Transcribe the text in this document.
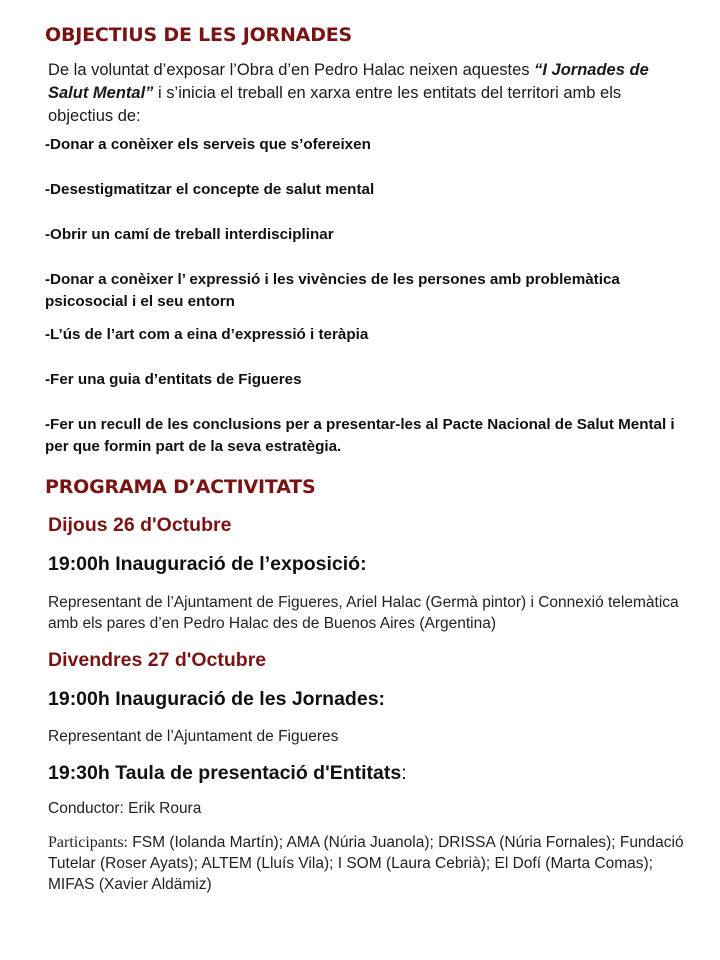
OBJECTIUS DE LES JORNADES
De la voluntat d’exposar l’Obra d’en Pedro Halac neixen aquestes “I Jornades de Salut Mental” i s’inicia el treball en xarxa entre les entitats del territori amb els objectius de:
-Donar a conèixer els serveis que s’ofereixen
-Desestigmatitzar el concepte de salut mental
-Obrir un camí de treball interdisciplinar
-Donar a conèixer l’ expressió i les vivències de les persones amb problemàtica psicosocial i el seu entorn
-L’ús de l’art com a eina d’expressió i teràpia
-Fer una guia d’entitats de Figueres
-Fer un recull de les conclusions per a presentar-les al Pacte Nacional de Salut Mental i per que formin part de la seva estratègia.
PROGRAMA D’ACTIVITATS
Dijous 26 d'Octubre
19:00h Inauguració de l’exposició:
Representant de l’Ajuntament de Figueres, Ariel Halac (Germà pintor) i Connexió telemàtica amb els pares d’en Pedro Halac des de Buenos Aires (Argentina)
Divendres 27 d'Octubre
19:00h Inauguració de les Jornades:
Representant de l’Ajuntament de Figueres
19:30h Taula de presentació d'Entitats:
Conductor: Erik Roura
Participants: FSM (Iolanda Martín); AMA (Núria Juanola); DRISSA (Núria Fornales); Fundació Tutelar (Roser Ayats); ALTEM (Lluís Vila); I SOM (Laura Cebrià); El Dofí (Marta Comas); MIFAS (Xavier Aldämiz)
